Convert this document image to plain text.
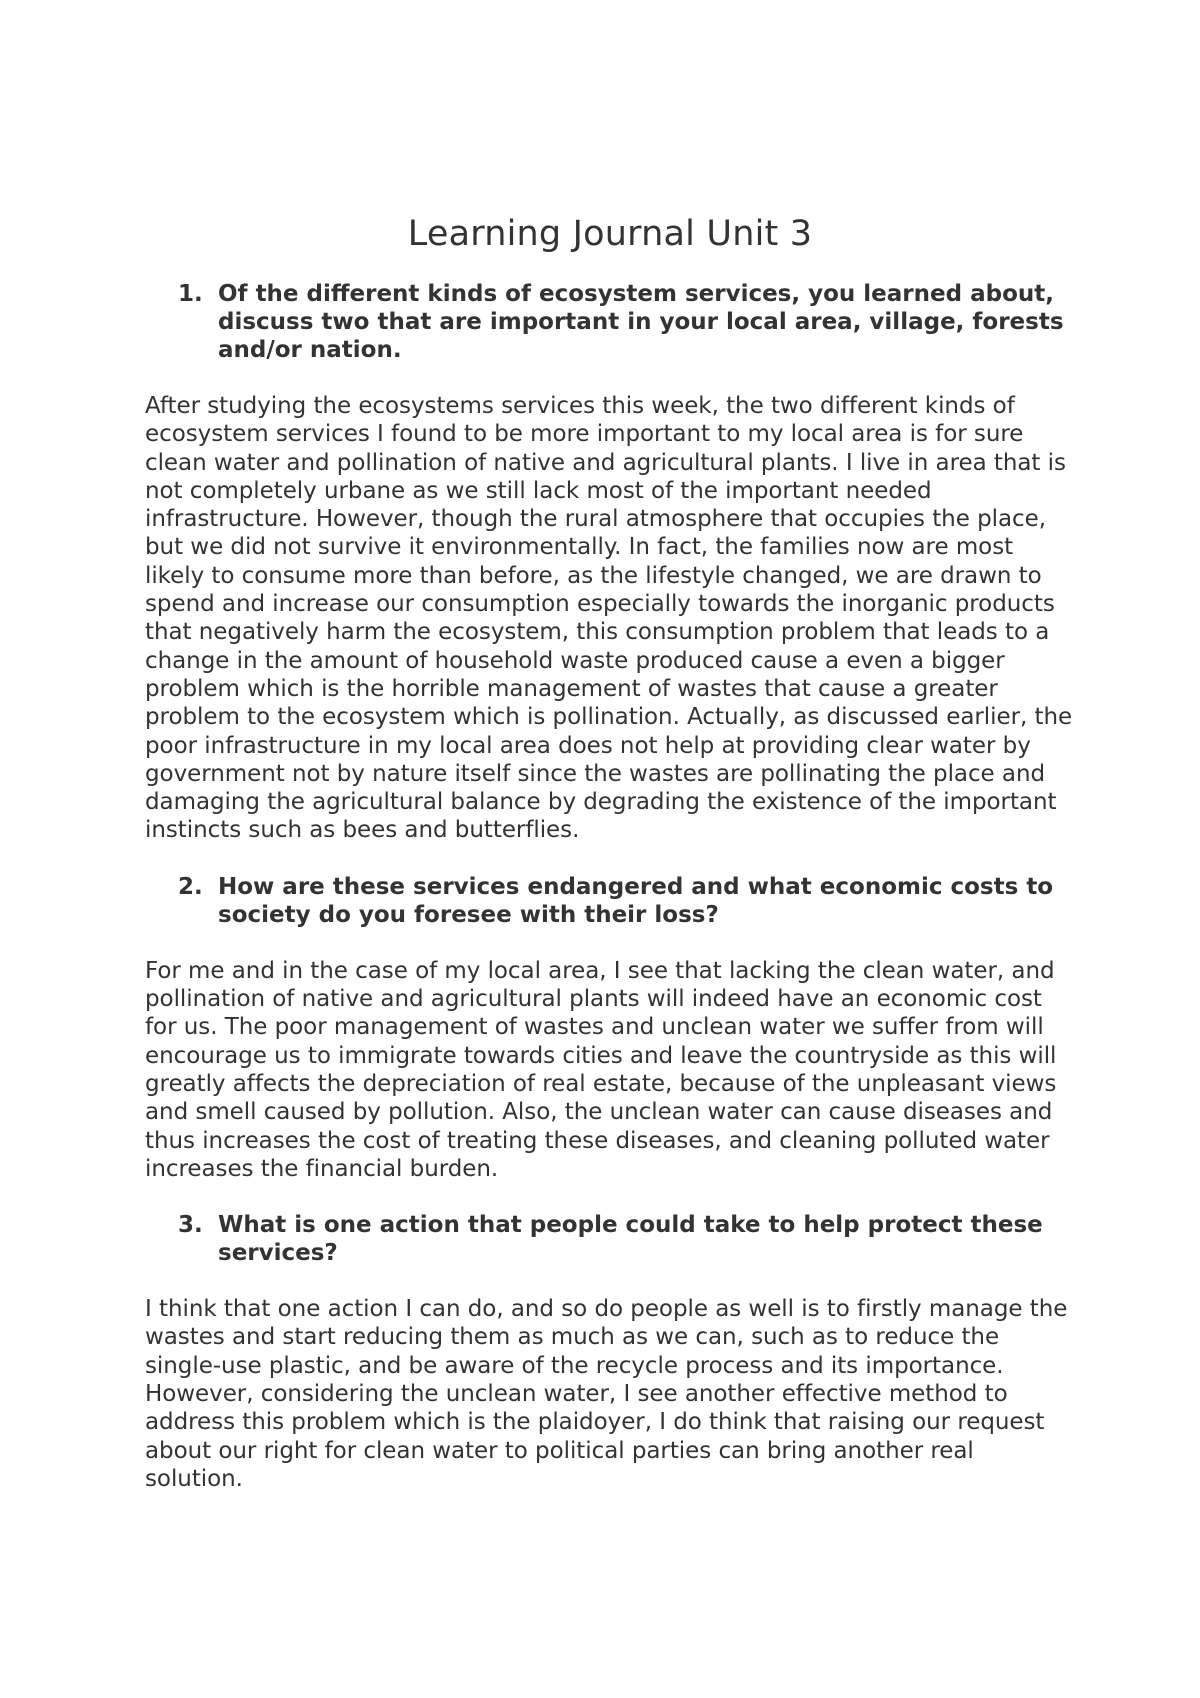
Learning Journal Unit 3
1. Of the different kinds of ecosystem services, you learned about, discuss two that are important in your local area, village, forests and/or nation.

After studying the ecosystems services this week, the two different kinds of ecosystem services I found to be more important to my local area is for sure clean water and pollination of native and agricultural plants. I live in area that is not completely urbane as we still lack most of the important needed infrastructure. However, though the rural atmosphere that occupies the place, but we did not survive it environmentally. In fact, the families now are most likely to consume more than before, as the lifestyle changed, we are drawn to spend and increase our consumption especially towards the inorganic products that negatively harm the ecosystem, this consumption problem that leads to a change in the amount of household waste produced cause a even a bigger problem which is the horrible management of wastes that cause a greater problem to the ecosystem which is pollination. Actually, as discussed earlier, the poor infrastructure in my local area does not help at providing clear water by government not by nature itself since the wastes are pollinating the place and damaging the agricultural balance by degrading the existence of the important instincts such as bees and butterflies.

2. How are these services endangered and what economic costs to society do you foresee with their loss?

For me and in the case of my local area, I see that lacking the clean water, and pollination of native and agricultural plants will indeed have an economic cost for us. The poor management of wastes and unclean water we suffer from will encourage us to immigrate towards cities and leave the countryside as this will greatly affects the depreciation of real estate, because of the unpleasant views and smell caused by pollution. Also, the unclean water can cause diseases and thus increases the cost of treating these diseases, and cleaning polluted water increases the financial burden.

3. What is one action that people could take to help protect these services?

I think that one action I can do, and so do people as well is to firstly manage the wastes and start reducing them as much as we can, such as to reduce the single-use plastic, and be aware of the recycle process and its importance. However, considering the unclean water, I see another effective method to address this problem which is the plaidoyer, I do think that raising our request about our right for clean water to political parties can bring another real solution.
